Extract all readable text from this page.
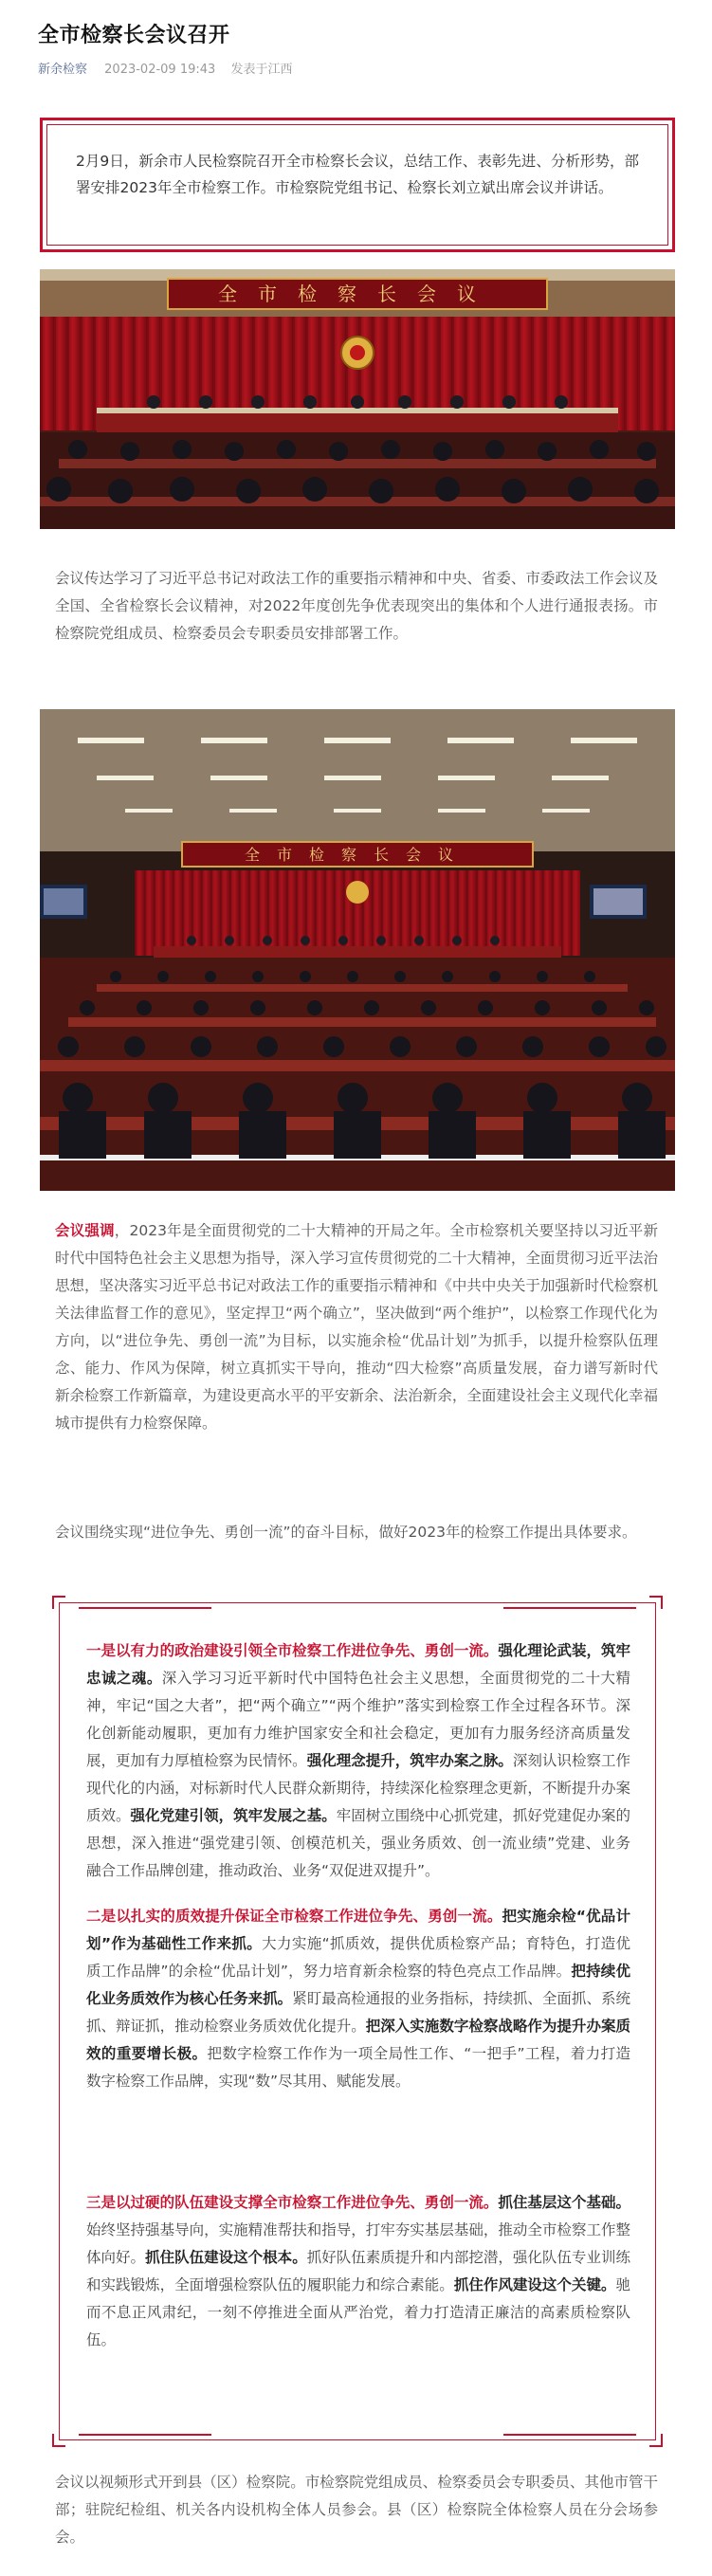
全市检察长会议召开
新余检察 2023-02-09 19:43 发表于江西
2月9日，新余市人民检察院召开全市检察长会议，总结工作、表彰先进、分析形势，部署安排2023年全市检察工作。市检察院党组书记、检察长刘立斌出席会议并讲话。
全市检察长会议

会议传达学习了习近平总书记对政法工作的重要指示精神和中央、省委、市委政法工作会议及全国、全省检察长会议精神，对2022年度创先争优表现突出的集体和个人进行通报表扬。市检察院党组成员、检察委员会专职委员安排部署工作。

全市检察长会议

会议强调，2023年是全面贯彻党的二十大精神的开局之年。全市检察机关要坚持以习近平新时代中国特色社会主义思想为指导，深入学习宣传贯彻党的二十大精神，全面贯彻习近平法治思想，坚决落实习近平总书记对政法工作的重要指示精神和《中共中央关于加强新时代检察机关法律监督工作的意见》，坚定捍卫“两个确立”，坚决做到“两个维护”，以检察工作现代化为方向，以“进位争先、勇创一流”为目标，以实施余检“优品计划”为抓手，以提升检察队伍理念、能力、作风为保障，树立真抓实干导向，推动“四大检察”高质量发展，奋力谱写新时代新余检察工作新篇章，为建设更高水平的平安新余、法治新余，全面建设社会主义现代化幸福城市提供有力检察保障。

会议围绕实现“进位争先、勇创一流”的奋斗目标，做好2023年的检察工作提出具体要求。

一是以有力的政治建设引领全市检察工作进位争先、勇创一流。强化理论武装，筑牢忠诚之魂。深入学习习近平新时代中国特色社会主义思想，全面贯彻党的二十大精神，牢记“国之大者”，把“两个确立”“两个维护”落实到检察工作全过程各环节。深化创新能动履职，更加有力维护国家安全和社会稳定，更加有力服务经济高质量发展，更加有力厚植检察为民情怀。强化理念提升，筑牢办案之脉。深刻认识检察工作现代化的内涵，对标新时代人民群众新期待，持续深化检察理念更新，不断提升办案质效。强化党建引领，筑牢发展之基。牢固树立围绕中心抓党建，抓好党建促办案的思想，深入推进“强党建引领、创模范机关，强业务质效、创一流业绩”党建、业务融合工作品牌创建，推动政治、业务“双促进双提升”。

二是以扎实的质效提升保证全市检察工作进位争先、勇创一流。把实施余检“优品计划”作为基础性工作来抓。大力实施“抓质效，提供优质检察产品；育特色，打造优质工作品牌”的余检“优品计划”，努力培育新余检察的特色亮点工作品牌。把持续优化业务质效作为核心任务来抓。紧盯最高检通报的业务指标，持续抓、全面抓、系统抓、辩证抓，推动检察业务质效优化提升。把深入实施数字检察战略作为提升办案质效的重要增长极。把数字检察工作作为一项全局性工作、“一把手”工程，着力打造数字检察工作品牌，实现“数”尽其用、赋能发展。

三是以过硬的队伍建设支撑全市检察工作进位争先、勇创一流。抓住基层这个基础。始终坚持强基导向，实施精准帮扶和指导，打牢夯实基层基础，推动全市检察工作整体向好。抓住队伍建设这个根本。抓好队伍素质提升和内部挖潜，强化队伍专业训练和实践锻炼，全面增强检察队伍的履职能力和综合素能。抓住作风建设这个关键。驰而不息正风肃纪，一刻不停推进全面从严治党，着力打造清正廉洁的高素质检察队伍。

会议以视频形式开到县（区）检察院。市检察院党组成员、检察委员会专职委员、其他市管干部；驻院纪检组、机关各内设机构全体人员参会。县（区）检察院全体检察人员在分会场参会。
